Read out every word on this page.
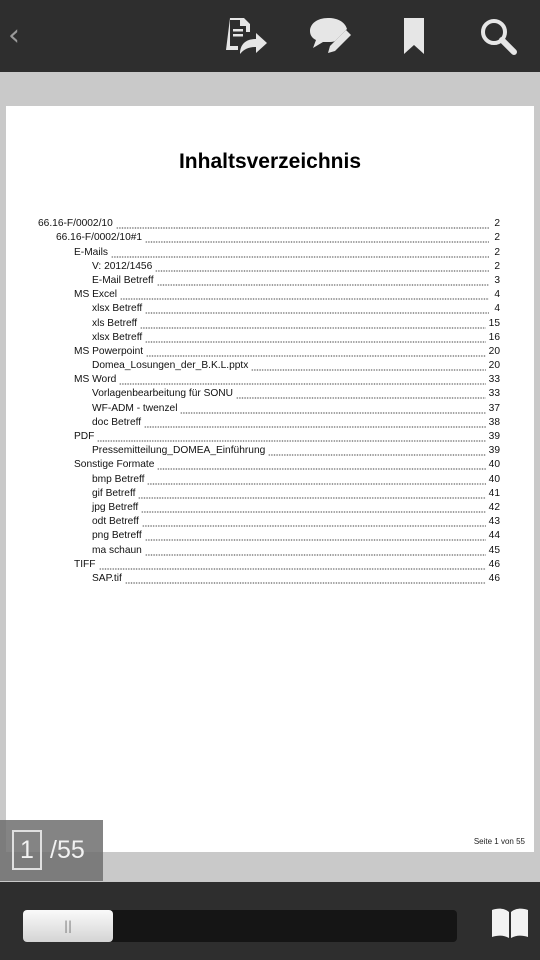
‹
Inhaltsverzeichnis
66.16-F/0002/10	2
66.16-F/0002/10#1	2
E-Mails	2
V: 2012/1456	2
E-Mail Betreff	3
MS Excel	4
xlsx Betreff	4
xls Betreff	15
xlsx Betreff	16
MS Powerpoint	20
Domea_Losungen_der_B.K.L.pptx	20
MS Word	33
Vorlagenbearbeitung für SONU	33
WF-ADM - twenzel	37
doc Betreff	38
PDF	39
Pressemitteilung_DOMEA_Einführung	39
Sonstige Formate	40
bmp Betreff	40
gif Betreff	41
jpg Betreff	42
odt Betreff	43
png Betreff	44
ma schaun	45
TIFF	46
SAP.tif	46
Seite 1 von 55
1 /55
||
